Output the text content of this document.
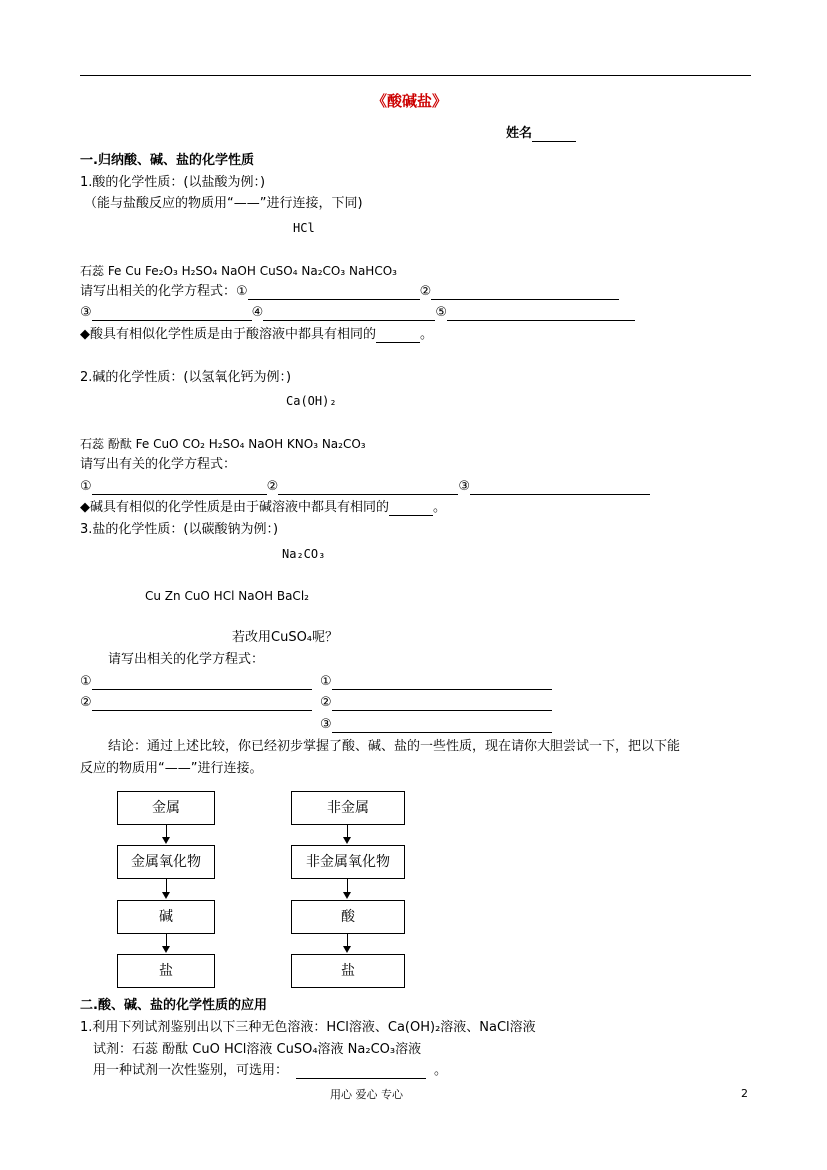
《酸碱盐》
姓名
一.归纳酸、碱、盐的化学性质
1.酸的化学性质：(以盐酸为例：)
（能与盐酸反应的物质用“——”进行连接，下同)
HCl
石蕊 Fe Cu Fe₂O₃ H₂SO₄ NaOH CuSO₄ Na₂CO₃ NaHCO₃
请写出相关的化学方程式：①	②
③	④	⑤
◆酸具有相似化学性质是由于酸溶液中都具有相同的	。
2.碱的化学性质：(以氢氧化钙为例：)
Ca(OH)₂
石蕊 酚酞 Fe CuO CO₂ H₂SO₄ NaOH KNO₃ Na₂CO₃
请写出有关的化学方程式：
①	②	③
◆碱具有相似的化学性质是由于碱溶液中都具有相同的	。
3.盐的化学性质：(以碳酸钠为例：)
Na₂CO₃
Cu Zn CuO HCl NaOH BaCl₂
若改用CuSO₄呢？
请写出相关的化学方程式：
①	①
②	②
③
结论：通过上述比较，你已经初步掌握了酸、碱、盐的一些性质，现在请你大胆尝试一下，把以下能
反应的物质用“——”进行连接。
金属
金属氧化物
碱
盐
非金属
非金属氧化物
酸
盐
二.酸、碱、盐的化学性质的应用
1.利用下列试剂鉴别出以下三种无色溶液：HCl溶液、Ca(OH)₂溶液、NaCl溶液
试剂：石蕊 酚酞 CuO HCl溶液 CuSO₄溶液 Na₂CO₃溶液
用一种试剂一次性鉴别，可选用：	。
用心 爱心 专心	2
